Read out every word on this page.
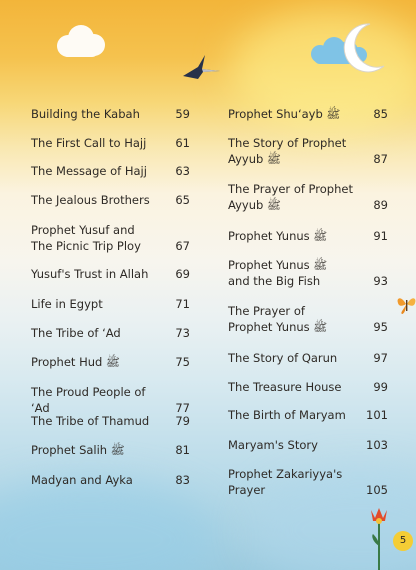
Building the Kabah	59
The First Call to Hajj	61
The Message of Hajj	63
The Jealous Brothers	65
Prophet Yusuf and
The Picnic Trip Ploy	67
Yusuf's Trust in Allah	69
Life in Egypt	71
The Tribe of ‘Ad	73
Prophet Hud ﷺ	75
The Proud People of ‘Ad	77
The Tribe of Thamud	79
Prophet Salih ﷺ	81
Madyan and Ayka	83
Prophet Shu‘ayb ﷺ	85
The Story of Prophet
Ayyub ﷺ	87
The Prayer of Prophet
Ayyub ﷺ	89
Prophet Yunus ﷺ	91
Prophet Yunus ﷺ
and the Big Fish	93
The Prayer of
Prophet Yunus ﷺ	95
The Story of Qarun	97
The Treasure House	99
The Birth of Maryam	101
Maryam's Story	103
Prophet Zakariyya's Prayer	105
5
